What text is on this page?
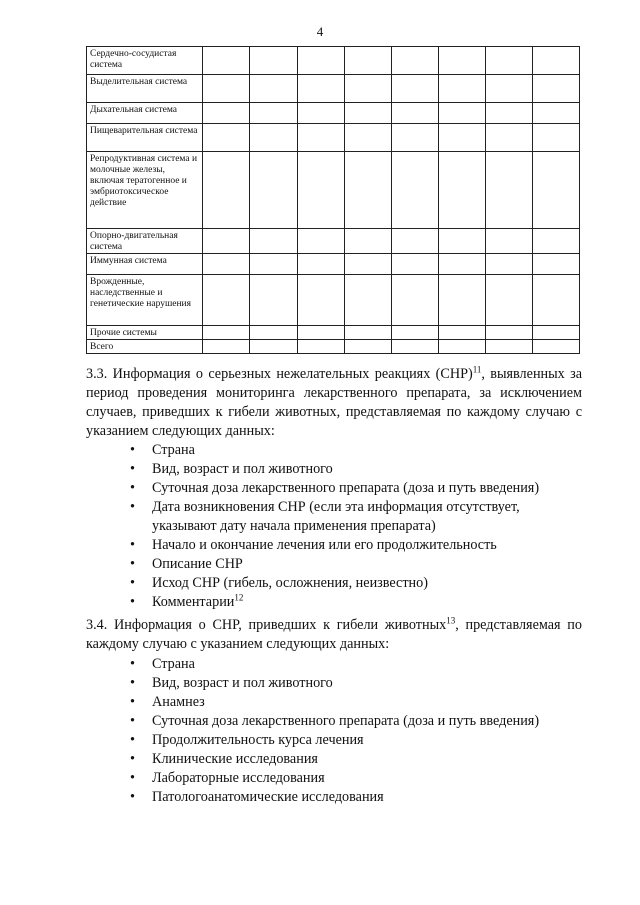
4
Сердечно-сосудистая система								
Выделительная система								
Дыхательная система								
Пищеварительная система								
Репродуктивная система и молочные железы, включая тератогенное и эмбриотоксическое действие								
Опорно-двигательная система								
Иммунная система								
Врожденные, наследственные и генетические нарушения								
Прочие системы								
Всего								
3.3. Информация о серьезных нежелательных реакциях (СНР)$^{11}$, выявленных за период проведения мониторинга лекарственного препарата, за исключением случаев, приведших к гибели животных, представляемая по каждому случаю с указанием следующих данных:
• Страна
• Вид, возраст и пол животного
• Суточная доза лекарственного препарата (доза и путь введения)
• Дата возникновения СНР (если эта информация отсутствует, указывают дату начала применения препарата)
• Начало и окончание лечения или его продолжительность
• Описание СНР
• Исход СНР (гибель, осложнения, неизвестно)
• Комментарии$^{12}$
3.4. Информация о СНР, приведших к гибели животных$^{13}$, представляемая по каждому случаю с указанием следующих данных:
• Страна
• Вид, возраст и пол животного
• Анамнез
• Суточная доза лекарственного препарата (доза и путь введения)
• Продолжительность курса лечения
• Клинические исследования
• Лабораторные исследования
• Патологоанатомические исследования
